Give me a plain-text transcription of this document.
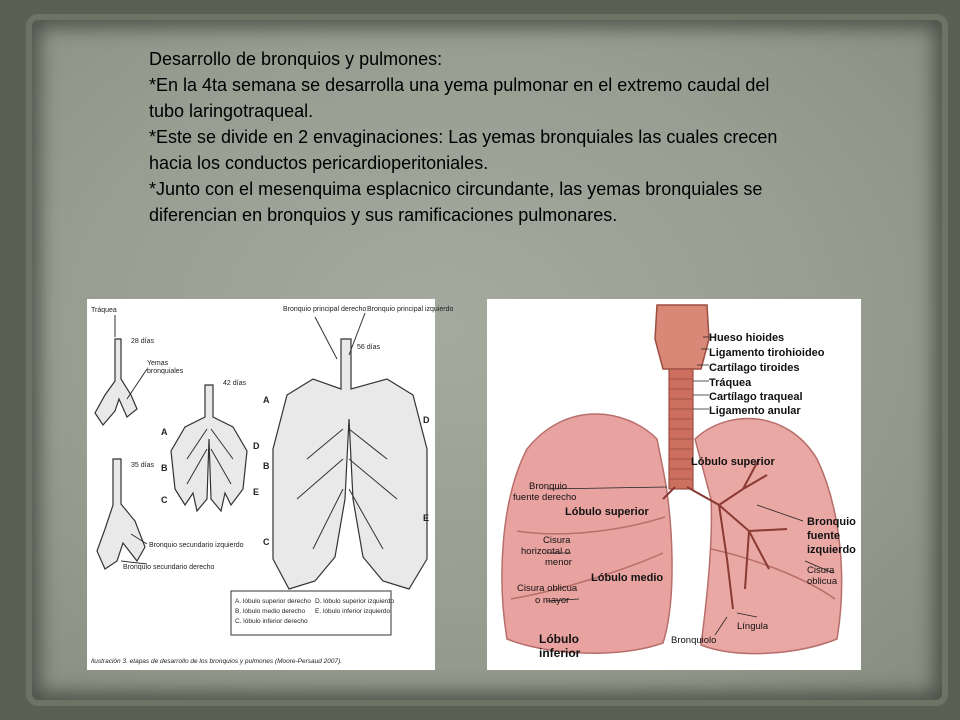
Desarrollo de bronquios y pulmones:

*En la 4ta semana se desarrolla una yema pulmonar en el extremo caudal del tubo laringotraqueal.

*Este se divide en 2 envaginaciones: Las yemas bronquiales las cuales crecen hacia los conductos pericardioperitoniales.

*Junto con el mesenquima esplacnico circundante, las yemas bronquiales se diferencian en bronquios y sus ramificaciones pulmonares.

Tráquea
28 días
Yemas
bronquiales
42 días
35 días
56 días
Bronquio principal derecho Bronquio principal izquierdo
Bronquio secundario izquierdo
Bronquio secundario derecho
A
B
C
D
E
A
B
C
D
E
A. lóbulo superior derecho
B. lóbulo medio derecho
C. lóbulo inferior derecho
D. lóbulo superior izquierdo
E. lóbulo inferior izquierdo
Ilustración 3. etapas de desarrollo de los bronquios y pulmones (Moore-Persaud 2007).
Hueso hioides
Ligamento tirohioideo
Cartílago tiroides
Tráquea
Cartílago traqueal
Ligamento anular
Lóbulo superior
Lóbulo superior
Lóbulo medio
Bronquio
fuente
izquierdo
Lóbulo
inferior
Bronquio
fuente derecho
Cisura
horizontal o
menor
Cisura
oblicua
Cisura oblicua
o mayor
Língula
Bronquiolo
